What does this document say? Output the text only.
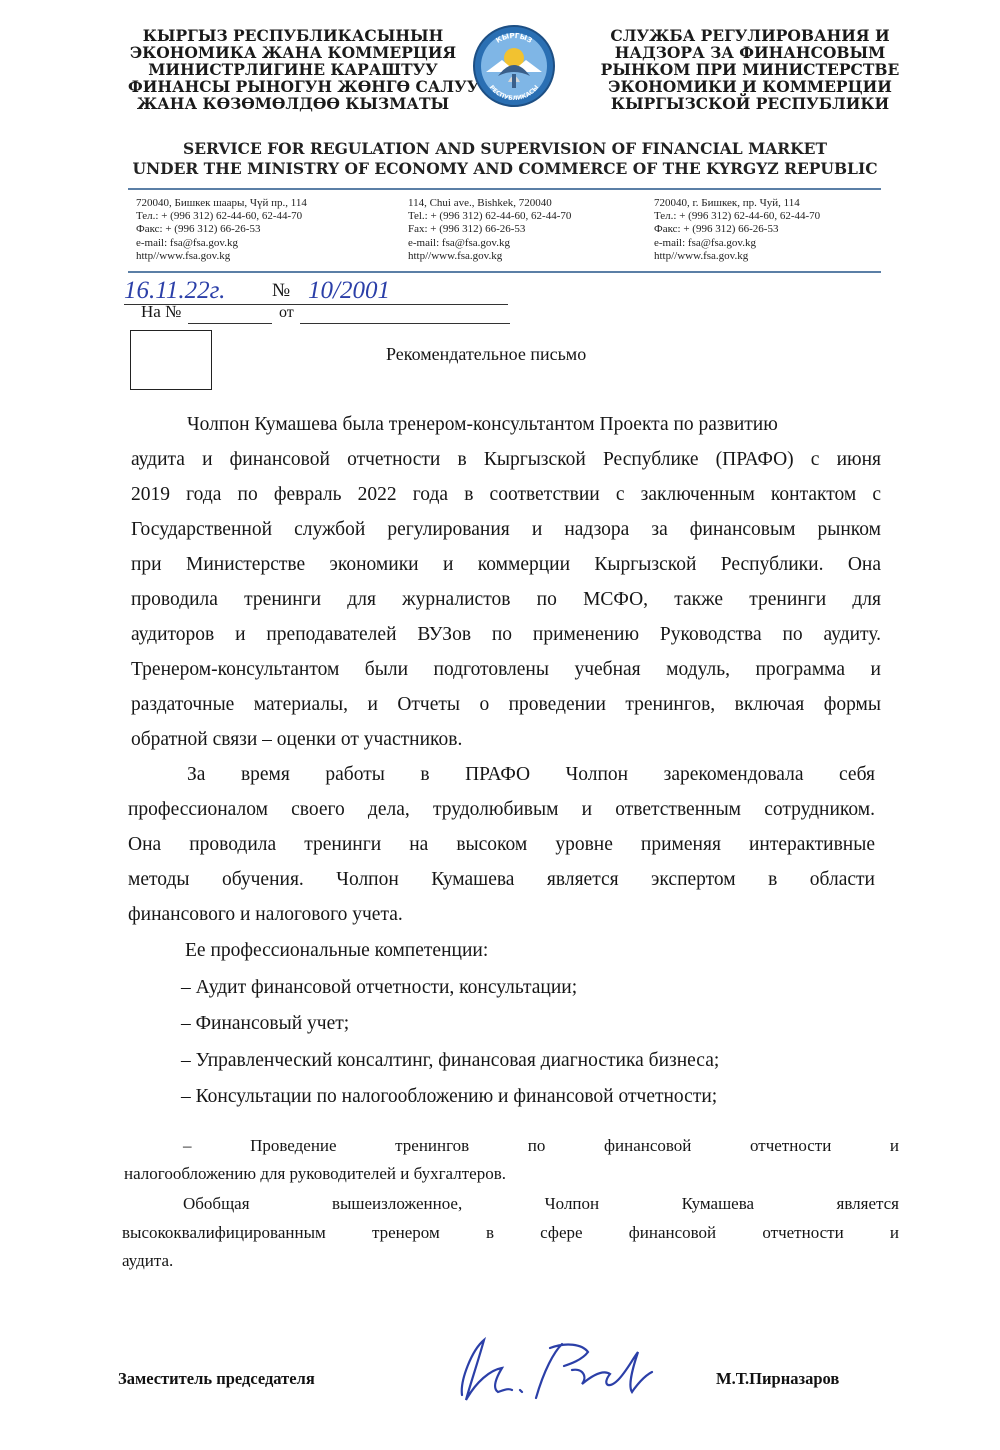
КЫРГЫЗ РЕСПУБЛИКАСЫНЫН
ЭКОНОМИКА ЖАНА КОММЕРЦИЯ
МИНИСТРЛИГИНЕ КАРАШТУУ
ФИНАНСЫ РЫНОГУН ЖӨНГӨ САЛУУ
ЖАНА КӨЗӨМӨЛДӨӨ КЫЗМАТЫ
КЫРГЫЗ
РЕСПУБЛИКАСЫ
СЛУЖБА РЕГУЛИРОВАНИЯ И
НАДЗОРА ЗА ФИНАНСОВЫМ
РЫНКОМ ПРИ МИНИСТЕРСТВЕ
ЭКОНОМИКИ И КОММЕРЦИИ
КЫРГЫЗСКОЙ РЕСПУБЛИКИ
SERVICE FOR REGULATION AND SUPERVISION OF FINANCIAL MARKET
UNDER THE MINISTRY OF ECONOMY AND COMMERCE OF THE KYRGYZ REPUBLIC
720040, Бишкек шаары, Чүй пр., 114
Тел.: + (996 312) 62-44-60, 62-44-70
Факс: + (996 312) 66-26-53
e-mail: fsa@fsa.gov.kg
http//www.fsa.gov.kg
114, Chui ave., Bishkek, 720040
Tel.: + (996 312) 62-44-60, 62-44-70
Fax: + (996 312) 66-26-53
e-mail: fsa@fsa.gov.kg
http//www.fsa.gov.kg
720040, г. Бишкек, пр. Чуй, 114
Тел.: + (996 312) 62-44-60, 62-44-70
Факс: + (996 312) 66-26-53
e-mail: fsa@fsa.gov.kg
http//www.fsa.gov.kg
16.11.22г. № 10/2001
На №	от
Рекомендательное письмо
Чолпон Кумашева была тренером-консультантом Проекта по развитию
аудита и финансовой отчетности в Кыргызской Республике (ПРАФО) с июня
2019 года по февраль 2022 года в соответствии с заключенным контактом с
Государственной службой регулирования и надзора за финансовым рынком
при Министерстве экономики и коммерции Кыргызской Республики. Она
проводила тренинги для журналистов по МСФО, также тренинги для
аудиторов и преподавателей ВУЗов по применению Руководства по аудиту.
Тренером-консультантом были подготовлены учебная модуль, программа и
раздаточные материалы, и Отчеты о проведении тренингов, включая формы
обратной связи – оценки от участников.
За время работы в ПРАФО Чолпон зарекомендовала себя
профессионалом своего дела, трудолюбивым и ответственным сотрудником.
Она проводила тренинги на высоком уровне применяя интерактивные
методы обучения. Чолпон Кумашева является экспертом в области
финансового и налогового учета.
Ее профессиональные компетенции:
– Аудит финансовой отчетности, консультации;
– Финансовый учет;
– Управленческий консалтинг, финансовая диагностика бизнеса;
– Консультации по налогообложению и финансовой отчетности;
– Проведение тренингов по финансовой отчетности и
налогообложению для руководителей и бухгалтеров.
Обобщая вышеизложенное, Чолпон Кумашева является
высококвалифицированным тренером в сфере финансовой отчетности и
аудита.
Заместитель председателя	М.Т.Пирназаров
